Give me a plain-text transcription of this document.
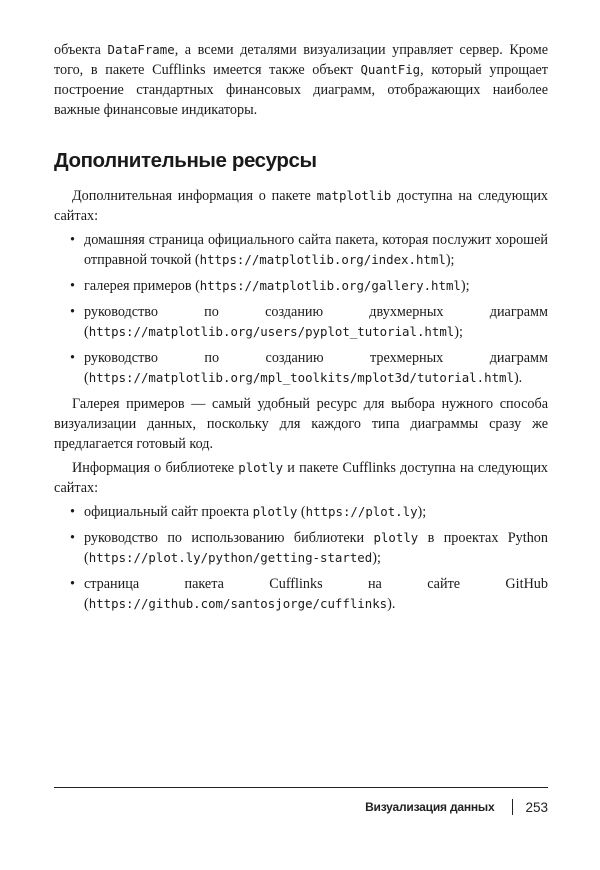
объекта DataFrame, а всеми деталями визуализации управляет сервер. Кроме того, в пакете Cufflinks имеется также объект QuantFig, который упрощает построение стандартных финансовых диаграмм, отображающих наиболее важные финансовые индикаторы.

Дополнительные ресурсы

Дополнительная информация о пакете matplotlib доступна на следующих сайтах:

• домашняя страница официального сайта пакета, которая послужит хорошей отправной точкой (https://matplotlib.org/index.html);
• галерея примеров (https://matplotlib.org/gallery.html);
• руководство по созданию двухмерных диаграмм (https://matplotlib.org/users/pyplot_tutorial.html);
• руководство по созданию трехмерных диаграмм (https://matplotlib.org/mpl_toolkits/mplot3d/tutorial.html).

Галерея примеров — самый удобный ресурс для выбора нужного способа визуализации данных, поскольку для каждого типа диаграммы сразу же предлагается готовый код.

Информация о библиотеке plotly и пакете Cufflinks доступна на следующих сайтах:

• официальный сайт проекта plotly (https://plot.ly);
• руководство по использованию библиотеки plotly в проектах Python (https://plot.ly/python/getting-started);
• страница пакета Cufflinks на сайте GitHub (https://github.com/santosjorge/cufflinks).
Визуализация данных 253
